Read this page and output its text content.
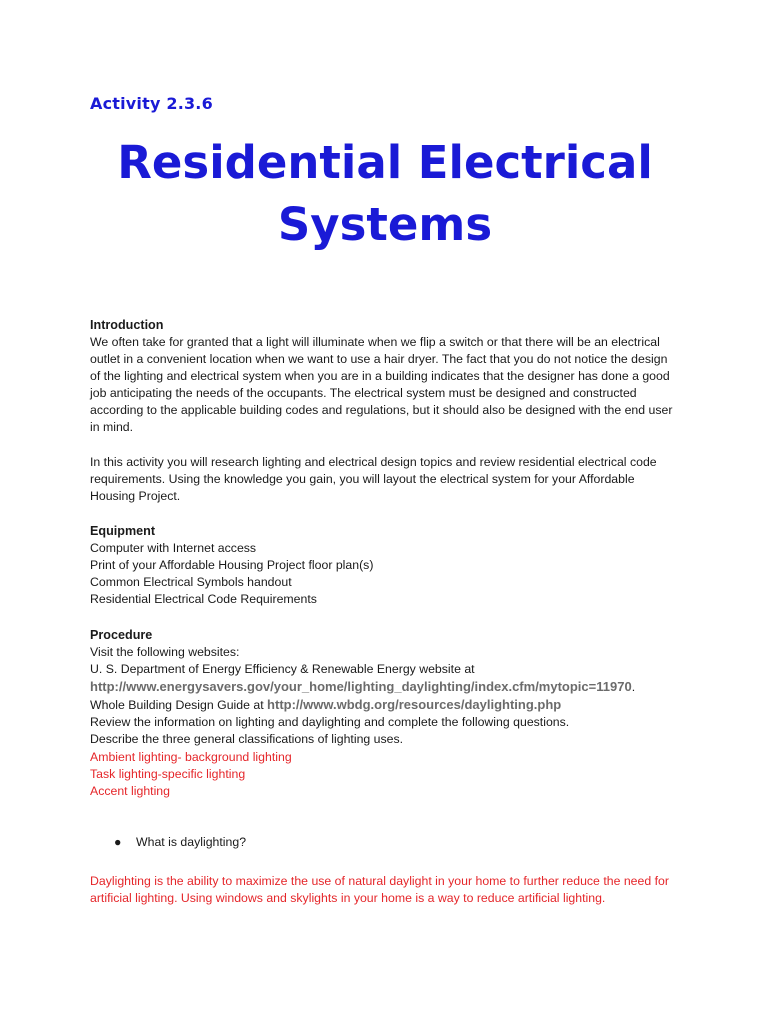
Activity 2.3.6
Residential Electrical Systems

Introduction

We often take for granted that a light will illuminate when we flip a switch or that there will be an electrical outlet in a convenient location when we want to use a hair dryer. The fact that you do not notice the design of the lighting and electrical system when you are in a building indicates that the designer has done a good job anticipating the needs of the occupants. The electrical system must be designed and constructed according to the applicable building codes and regulations, but it should also be designed with the end user in mind.

In this activity you will research lighting and electrical design topics and review residential electrical code requirements. Using the knowledge you gain, you will layout the electrical system for your Affordable Housing Project.

Equipment

Computer with Internet access

Print of your Affordable Housing Project floor plan(s)

Common Electrical Symbols handout

Residential Electrical Code Requirements

Procedure

Visit the following websites:

U. S. Department of Energy Efficiency & Renewable Energy website at

http://www.energysavers.gov/your_home/lighting_daylighting/index.cfm/mytopic=11970.

Whole Building Design Guide at http://www.wbdg.org/resources/daylighting.php

Review the information on lighting and daylighting and complete the following questions.

Describe the three general classifications of lighting uses.

Ambient lighting- background lighting

Task lighting-specific lighting

Accent lighting

● What is daylighting?

Daylighting is the ability to maximize the use of natural daylight in your home to further reduce the need for artificial lighting. Using windows and skylights in your home is a way to reduce artificial lighting.
